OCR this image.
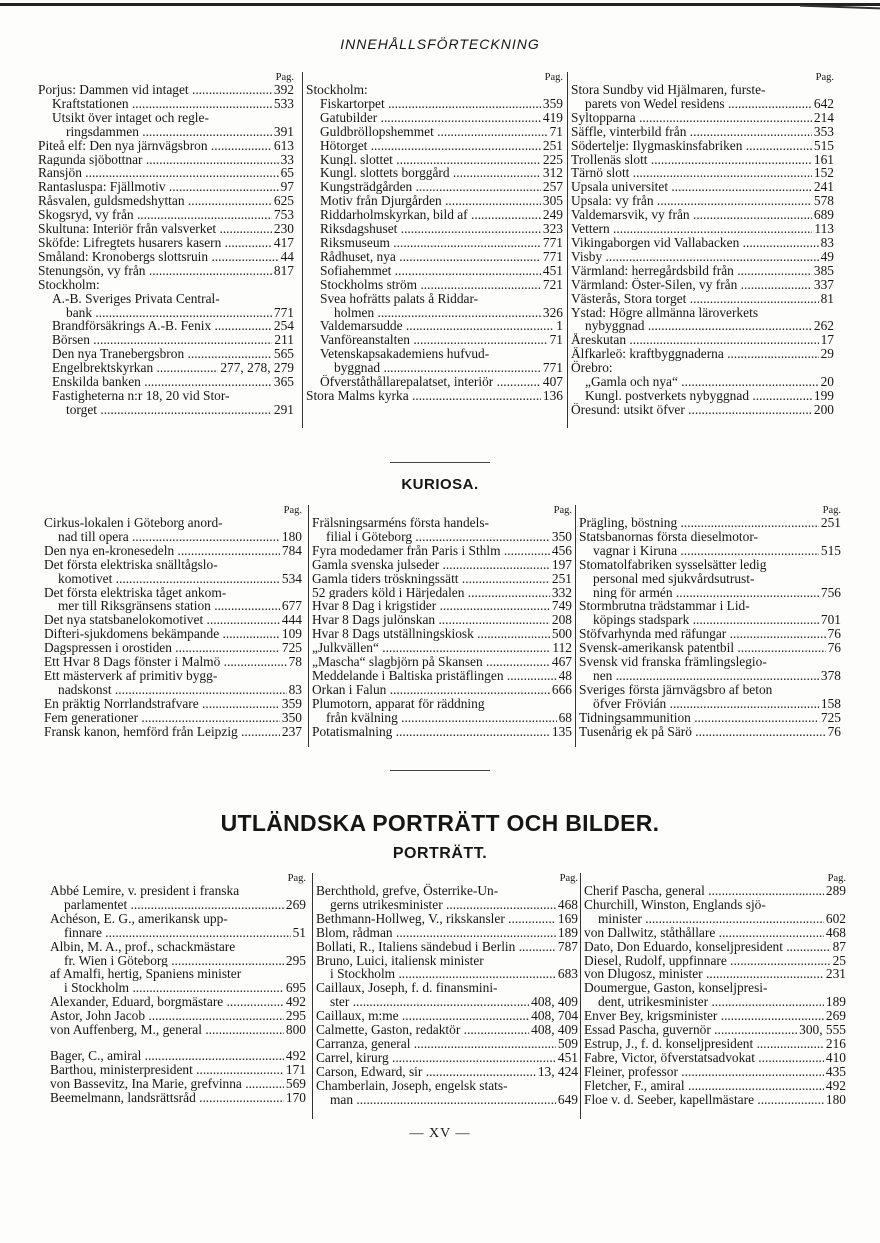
INNEHÅLLSFÖRTECKNING
Pag.
Porjus: Dammen vid intaget .....	392
Kraftstationen .....	533
Utsikt över intaget och regle-
ringsdammen .....	391
Piteå elf: Den nya järnvägsbron .....	613
Ragunda sjöbottnar .....	33
Ransjön .....	65
Rantasluspa: Fjällmotiv .....	97
Råsvalen, guldsmedshyttan .....	625
Skogsryd, vy från .....	753
Skultuna: Interiör från valsverket .....	230
Sköfde: Lifregtets husarers kasern .....	417
Småland: Kronobergs slottsruin .....	44
Stenungsön, vy från .....	817
Stockholm:
A.-B. Sveriges Privata Central-
bank .....	771
Brandförsäkrings A.-B. Fenix .....	254
Börsen .....	211
Den nya Tranebergsbron .....	565
Engelbrektskyrkan .....	277, 278, 279
Enskilda banken .....	365
Fastigheterna n:r 18, 20 vid Stor-
torget .....	291
Pag.
Stockholm:
Fiskartorpet .....	359
Gatubilder .....	419
Guldbröllopshemmet .....	71
Hötorget .....	251
Kungl. slottet .....	225
Kungl. slottets borggård .....	312
Kungsträdgården .....	257
Motiv från Djurgården .....	305
Riddarholmskyrkan, bild af .....	249
Riksdagshuset .....	323
Riksmuseum .....	771
Rådhuset, nya .....	771
Sofiahemmet .....	451
Stockholms ström .....	721
Svea hofrätts palats å Riddar-
holmen .....	326
Valdemarsudde .....	1
Vanföreanstalten .....	71
Vetenskapsakademiens hufvud-
byggnad .....	771
Öfverståthållarepalatset, interiör .....	407
Stora Malms kyrka .....	136
Pag.
Stora Sundby vid Hjälmaren, furste-
parets von Wedel residens .....	642
Syltopparna .....	214
Säffle, vinterbild från .....	353
Södertelje: Ilygmaskinsfabriken .....	515
Trollenäs slott .....	161
Tärnö slott .....	152
Upsala universitet .....	241
Upsala: vy från .....	578
Valdemarsvik, vy från .....	689
Vettern .....	113
Vikingaborgen vid Vallabacken .....	83
Visby .....	49
Värmland: herregårdsbild från .....	385
Värmland: Öster-Silen, vy från .....	337
Västerås, Stora torget .....	81
Ystad: Högre allmänna läroverkets
nybyggnad .....	262
Åreskutan .....	17
Älfkarleö: kraftbyggnaderna .....	29
Örebro:
„Gamla och nya“ .....	20
Kungl. postverkets nybyggnad .....	199
Öresund: utsikt öfver .....	200
KURIOSA.
Pag.
Cirkus-lokalen i Göteborg anord-
nad till opera .....	180
Den nya en-kronesedeln .....	784
Det första elektriska snälltågslo-
komotivet .....	534
Det första elektriska tåget ankom-
mer till Riksgränsens station .....	677
Det nya statsbanelokomotivet .....	444
Difteri-sjukdomens bekämpande .....	109
Dagspressen i orostiden .....	725
Ett Hvar 8 Dags fönster i Malmö .....	78
Ett mästerverk af primitiv bygg-
nadskonst .....	83
En präktig Norrlandstrafvare .....	359
Fem generationer .....	350
Fransk kanon, hemförd från Leipzig .....	237
Pag.
Frälsningsarméns första handels-
filial i Göteborg .....	350
Fyra modedamer från Paris i Sthlm .....	456
Gamla svenska julseder .....	197
Gamla tiders tröskningssätt .....	251
52 graders köld i Härjedalen .....	332
Hvar 8 Dag i krigstider .....	749
Hvar 8 Dags julönskan .....	208
Hvar 8 Dags utställningskiosk .....	500
„Julkvällen“ .....	112
„Mascha“ slagbjörn på Skansen .....	467
Meddelande i Baltiska pristäflingen .....	48
Orkan i Falun .....	666
Plumotorn, apparat för räddning
från kvälning .....	68
Potatismalning .....	135
Pag.
Prägling, böstning .....	251
Statsbanornas första dieselmotor-
vagnar i Kiruna .....	515
Stomatolfabriken sysselsätter ledig
personal med sjukvårdsutrust-
ning för armén .....	756
Stormbrutna trädstammar i Lid-
köpings stadspark .....	701
Stöfvarhynda med räfungar .....	76
Svensk-amerikansk patentbil .....	76
Svensk vid franska främlingslegio-
nen .....	378
Sveriges första järnvägsbro af beton
öfver Frövián .....	158
Tidningsammunition .....	725
Tusenårig ek på Särö .....	76
UTLÄNDSKA PORTRÄTT OCH BILDER.
PORTRÄTT.
Pag.
Abbé Lemire, v. president i franska
parlamentet .....	269
Achéson, E. G., amerikansk upp-
finnare .....	51
Albin, M. A., prof., schackmästare
fr. Wien i Göteborg .....	295
af Amalfi, hertig, Spaniens minister
i Stockholm .....	695
Alexander, Eduard, borgmästare .....	492
Astor, John Jacob .....	295
von Auffenberg, M., general .....	800
Bager, C., amiral .....	492
Barthou, ministerpresident .....	171
von Bassevitz, Ina Marie, grefvinna .....	569
Beemelmann, landsrättsråd .....	170
Pag.
Berchthold, grefve, Österrike-Un-
gerns utrikesminister .....	468
Bethmann-Hollweg, V., rikskansler .....	169
Blom, rådman .....	189
Bollati, R., Italiens sändebud i Berlin .....	787
Bruno, Luici, italiensk minister
i Stockholm .....	683
Caillaux, Joseph, f. d. finansmini-
ster .....	408, 409
Caillaux, m:me .....	408, 704
Calmette, Gaston, redaktör .....	408, 409
Carranza, general .....	509
Carrel, kirurg .....	451
Carson, Edward, sir .....	13, 424
Chamberlain, Joseph, engelsk stats-
man .....	649
Pag.
Cherif Pascha, general .....	289
Churchill, Winston, Englands sjö-
minister .....	602
von Dallwitz, ståthållare .....	468
Dato, Don Eduardo, konseljpresident .....	87
Diesel, Rudolf, uppfinnare .....	25
von Dlugosz, minister .....	231
Doumergue, Gaston, konseljpresi-
dent, utrikesminister .....	189
Enver Bey, krigsminister .....	269
Essad Pascha, guvernör .....	300, 555
Estrup, J., f. d. konseljpresident .....	216
Fabre, Victor, öfverstatsadvokat .....	410
Fleiner, professor .....	435
Fletcher, F., amiral .....	492
Floe v. d. Seeber, kapellmästare .....	180
— XV —
